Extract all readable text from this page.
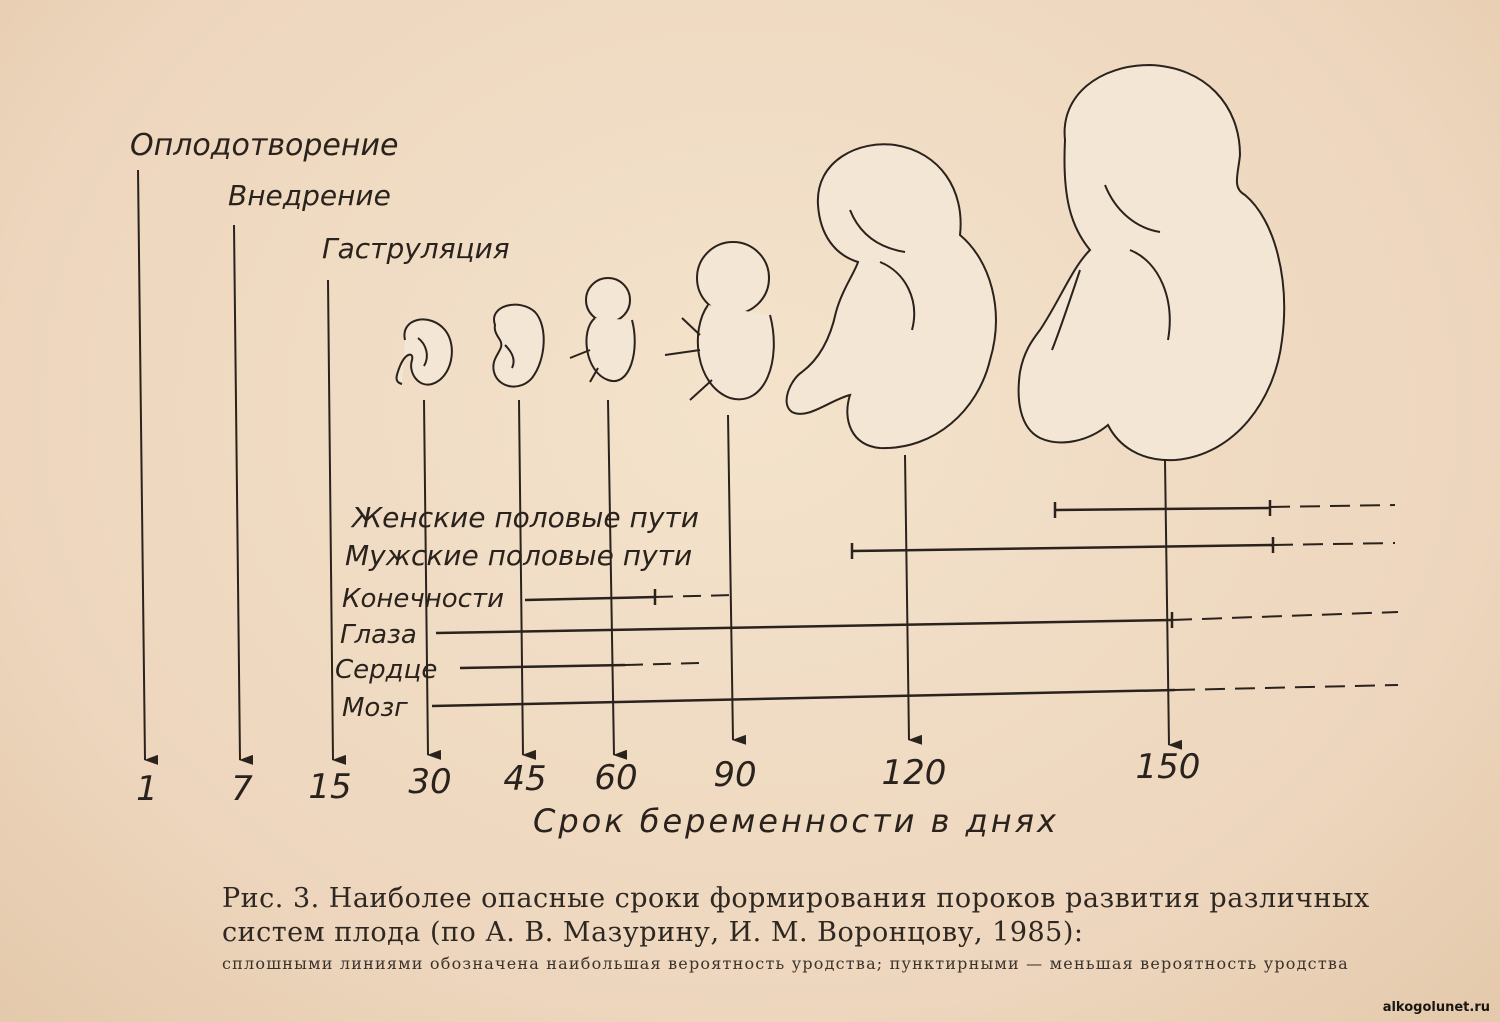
Оплодотворение
Внедрение
Гаструляция
Женские половые пути
Мужские половые пути
Конечности
Глаза
Сердце
Мозг
1 7 15 30 45 60 90	120	150
Срок беременности в днях
Рис. 3. Наиболее опасные сроки формирования пороков развития различных систем плода (по А. В. Мазурину, И. М. Воронцову, 1985):
сплошными линиями обозначена наибольшая вероятность уродства; пунктирными — меньшая вероятность уродства
alkogolunet.ru
